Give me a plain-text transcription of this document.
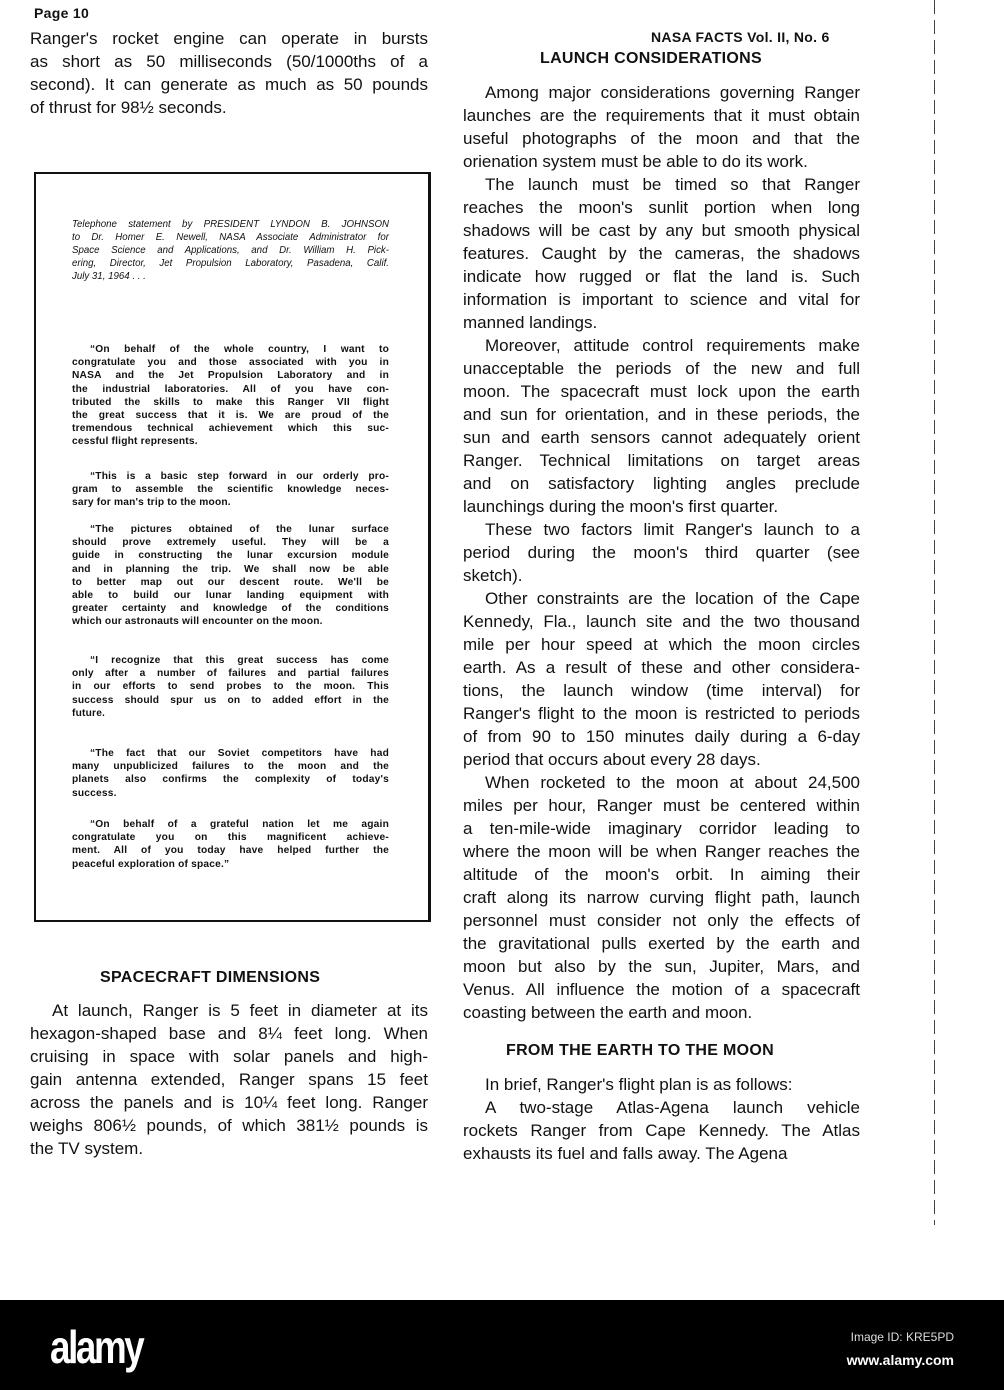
Page 10
NASA FACTS Vol. II, No. 6
Ranger's rocket engine can operate in bursts
as short as 50 milliseconds (50/1000ths of a
second). It can generate as much as 50 pounds
of thrust for 98½ seconds.
Telephone statement by PRESIDENT LYNDON B. JOHNSON
to Dr. Homer E. Newell, NASA Associate Administrator for
Space Science and Applications, and Dr. William H. Pick-
ering, Director, Jet Propulsion Laboratory, Pasadena, Calif.
July 31, 1964 . . .
“On behalf of the whole country, I want to
congratulate you and those associated with you in
NASA and the Jet Propulsion Laboratory and in
the industrial laboratories. All of you have con-
tributed the skills to make this Ranger VII flight
the great success that it is. We are proud of the
tremendous technical achievement which this suc-
cessful flight represents.
“This is a basic step forward in our orderly pro-
gram to assemble the scientific knowledge neces-
sary for man's trip to the moon.
“The pictures obtained of the lunar surface
should prove extremely useful. They will be a
guide in constructing the lunar excursion module
and in planning the trip. We shall now be able
to better map out our descent route. We'll be
able to build our lunar landing equipment with
greater certainty and knowledge of the conditions
which our astronauts will encounter on the moon.
“I recognize that this great success has come
only after a number of failures and partial failures
in our efforts to send probes to the moon. This
success should spur us on to added effort in the
future.
“The fact that our Soviet competitors have had
many unpublicized failures to the moon and the
planets also confirms the complexity of today's
success.
“On behalf of a grateful nation let me again
congratulate you on this magnificent achieve-
ment. All of you today have helped further the
peaceful exploration of space.”
SPACECRAFT DIMENSIONS
At launch, Ranger is 5 feet in diameter at its
hexagon-shaped base and 8¼ feet long. When
cruising in space with solar panels and high-
gain antenna extended, Ranger spans 15 feet
across the panels and is 10¼ feet long. Ranger
weighs 806½ pounds, of which 381½ pounds is
the TV system.
LAUNCH CONSIDERATIONS
Among major considerations governing Ranger
launches are the requirements that it must obtain
useful photographs of the moon and that the
orienation system must be able to do its work.
The launch must be timed so that Ranger
reaches the moon's sunlit portion when long
shadows will be cast by any but smooth physical
features. Caught by the cameras, the shadows
indicate how rugged or flat the land is. Such
information is important to science and vital for
manned landings.
Moreover, attitude control requirements make
unacceptable the periods of the new and full
moon. The spacecraft must lock upon the earth
and sun for orientation, and in these periods, the
sun and earth sensors cannot adequately orient
Ranger. Technical limitations on target areas
and on satisfactory lighting angles preclude
launchings during the moon's first quarter.
These two factors limit Ranger's launch to a
period during the moon's third quarter (see
sketch).
Other constraints are the location of the Cape
Kennedy, Fla., launch site and the two thousand
mile per hour speed at which the moon circles
earth. As a result of these and other considera-
tions, the launch window (time interval) for
Ranger's flight to the moon is restricted to periods
of from 90 to 150 minutes daily during a 6-day
period that occurs about every 28 days.
When rocketed to the moon at about 24,500
miles per hour, Ranger must be centered within
a ten-mile-wide imaginary corridor leading to
where the moon will be when Ranger reaches the
altitude of the moon's orbit. In aiming their
craft along its narrow curving flight path, launch
personnel must consider not only the effects of
the gravitational pulls exerted by the earth and
moon but also by the sun, Jupiter, Mars, and
Venus. All influence the motion of a spacecraft
coasting between the earth and moon.
FROM THE EARTH TO THE MOON
In brief, Ranger's flight plan is as follows:
A two-stage Atlas-Agena launch vehicle
rockets Ranger from Cape Kennedy. The Atlas
exhausts its fuel and falls away. The Agena
alamy	Image ID: KRE5PD
www.alamy.com
